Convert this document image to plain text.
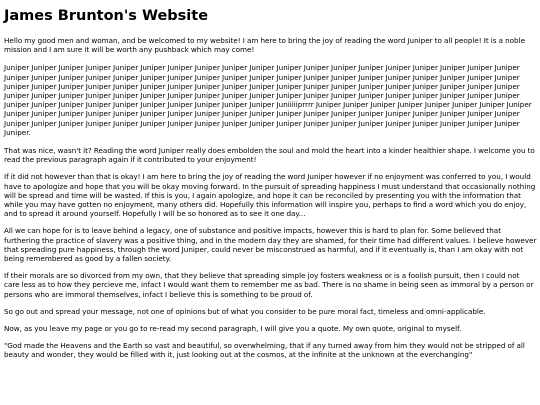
James Brunton's Website

Hello my good men and woman, and be welcomed to my website! I am here to bring the joy of reading the word Juniper to all people! It is a noble mission and I am sure it will be worth any pushback which may come!

Juniper Juniper Juniper Juniper Juniper Juniper Juniper Juniper Juniper Juniper Juniper Juniper Juniper Juniper Juniper Juniper Juniper Juniper Juniper Juniper Juniper Juniper Juniper Juniper Juniper Juniper Juniper Juniper Juniper Juniper Juniper Juniper Juniper Juniper Juniper Juniper Juniper Juniper Juniper Juniper Juniper Juniper Juniper Juniper Juniper Juniper Juniper Juniper Juniper Juniper Juniper Juniper Juniper Juniper Juniper Juniper Juniper Juniper Juniper Juniper Juniper Juniper Juniper Juniper Juniper Juniper Juniper Juniper Juniper Juniper Juniper Juniper Juniper Juniper Juniper Juniper Juniper Juniper Juniper Juniper Juniper Juniper Juniper Juniper Juniper Juniper Juniiiiiprrrr Juniper Juniper Juniper Juniper Juniper Juniper Juniper Juniper Juniper Juniper Juniper Juniper Juniper Juniper Juniper Juniper Juniper Juniper Juniper Juniper Juniper Juniper Juniper Juniper Juniper Juniper Juniper Juniper Juniper Juniper Juniper Juniper Juniper Juniper Juniper Juniper Juniper Juniper Juniper Juniper Juniper Juniper Juniper Juniper Juniper Juniper Juniper.

That was nice, wasn't it? Reading the word Juniper really does embolden the soul and mold the heart into a kinder healthier shape. I welcome you to read the previous paragraph again if it contributed to your enjoyment!

If it did not however than that is okay! I am here to bring the joy of reading the word Juniper however if no enjoyment was conferred to you, I would have to apologize and hope that you will be okay moving forward. In the pursuit of spreading happiness I must understand that occasionally nothing will be spread and time will be wasted. If this is you, I again apologize, and hope it can be reconciled by presenting you with the information that while you may have gotten no enjoyment, many others did. Hopefully this information will inspire you, perhaps to find a word which you do enjoy, and to spread it around yourself. Hopefully I will be so honored as to see it one day...

All we can hope for is to leave behind a legacy, one of substance and positive impacts, however this is hard to plan for. Some believed that furthering the practice of slavery was a positive thing, and in the modern day they are shamed, for their time had different values. I believe however that spreading pure happiness, through the word Juniper, could never be misconstrued as harmful, and if it eventually is, than I am okay with not being remembered as good by a fallen society.

If their morals are so divorced from my own, that they believe that spreading simple joy fosters weakness or is a foolish pursuit, then I could not care less as to how they percieve me, infact I would want them to remember me as bad. There is no shame in being seen as immoral by a person or persons who are immoral themselves, infact I believe this is something to be proud of.

So go out and spread your message, not one of opinions but of what you consider to be pure moral fact, timeless and omni-applicable.

Now, as you leave my page or you go to re-read my second paragraph, I will give you a quote. My own quote, original to myself.

"God made the Heavens and the Earth so vast and beautiful, so overwhelming, that if any turned away from him they would not be stripped of all beauty and wonder, they would be filled with it, just looking out at the cosmos, at the infinite at the unknown at the everchanging"
